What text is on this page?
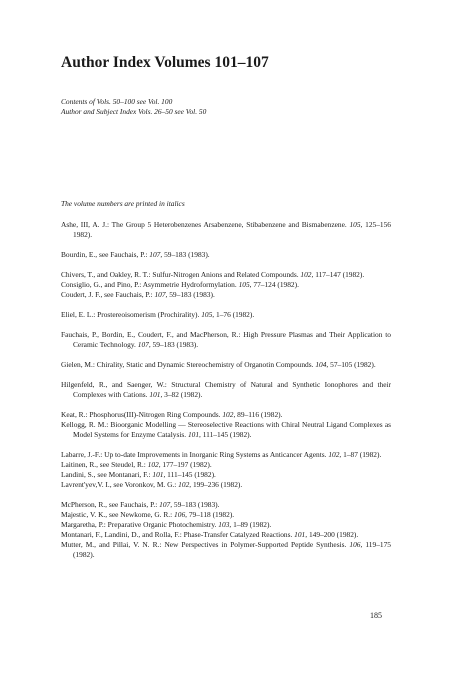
Author Index Volumes 101–107
Contents of Vols. 50–100 see Vol. 100
Author and Subject Index Vols. 26–50 see Vol. 50
The volume numbers are printed in italics
Ashe, III, A. J.: The Group 5 Heterobenzenes Arsabenzene, Stibabenzene and Bismabenzene. 105, 125–156 1982).
Bourdin, E., see Fauchais, P.: 107, 59–183 (1983).
Chivers, T., and Oakley, R. T.: Sulfur-Nitrogen Anions and Related Compounds. 102, 117–147 (1982).
Consiglio, G., and Pino, P.: Asymmetrie Hydroformylation. 105, 77–124 (1982).
Coudert, J. F., see Fauchais, P.: 107, 59–183 (1983).
Eliel, E. L.: Prostereoisomerism (Prochirality). 105, 1–76 (1982).
Fauchais, P., Bordin, E., Coudert, F., and MacPherson, R.: High Pressure Plasmas and Their Application to Ceramic Technology. 107, 59–183 (1983).
Gielen, M.: Chirality, Static and Dynamic Stereochemistry of Organotin Compounds. 104, 57–105 (1982).
Hilgenfeld, R., and Saenger, W.: Structural Chemistry of Natural and Synthetic Ionophores and their Complexes with Cations. 101, 3–82 (1982).
Keat, R.: Phosphorus(III)-Nitrogen Ring Compounds. 102, 89–116 (1982).
Kellogg, R. M.: Bioorganic Modelling — Stereoselective Reactions with Chiral Neutral Ligand Complexes as Model Systems for Enzyme Catalysis. 101, 111–145 (1982).
Labarre, J.-F.: Up to-date Improvements in Inorganic Ring Systems as Anticancer Agents. 102, 1–87 (1982).
Laitinen, R., see Steudel, R.: 102, 177–197 (1982).
Landini, S., see Montanari, F.: 101, 111–145 (1982).
Lavrent'yev,V. I., see Voronkov, M. G.: 102, 199–236 (1982).
McPherson, R., see Fauchais, P.: 107, 59–183 (1983).
Majestic, V. K., see Newkome, G. R.: 106, 79–118 (1982).
Margaretha, P.: Preparative Organic Photochemistry. 103, 1–89 (1982).
Montanari, F., Landini, D., and Rolla, F.: Phase-Transfer Catalyzed Reactions. 101, 149–200 (1982).
Mutter, M., and Pillai, V. N. R.: New Perspectives in Polymer-Supported Peptide Synthesis. 106, 119–175 (1982).
185
